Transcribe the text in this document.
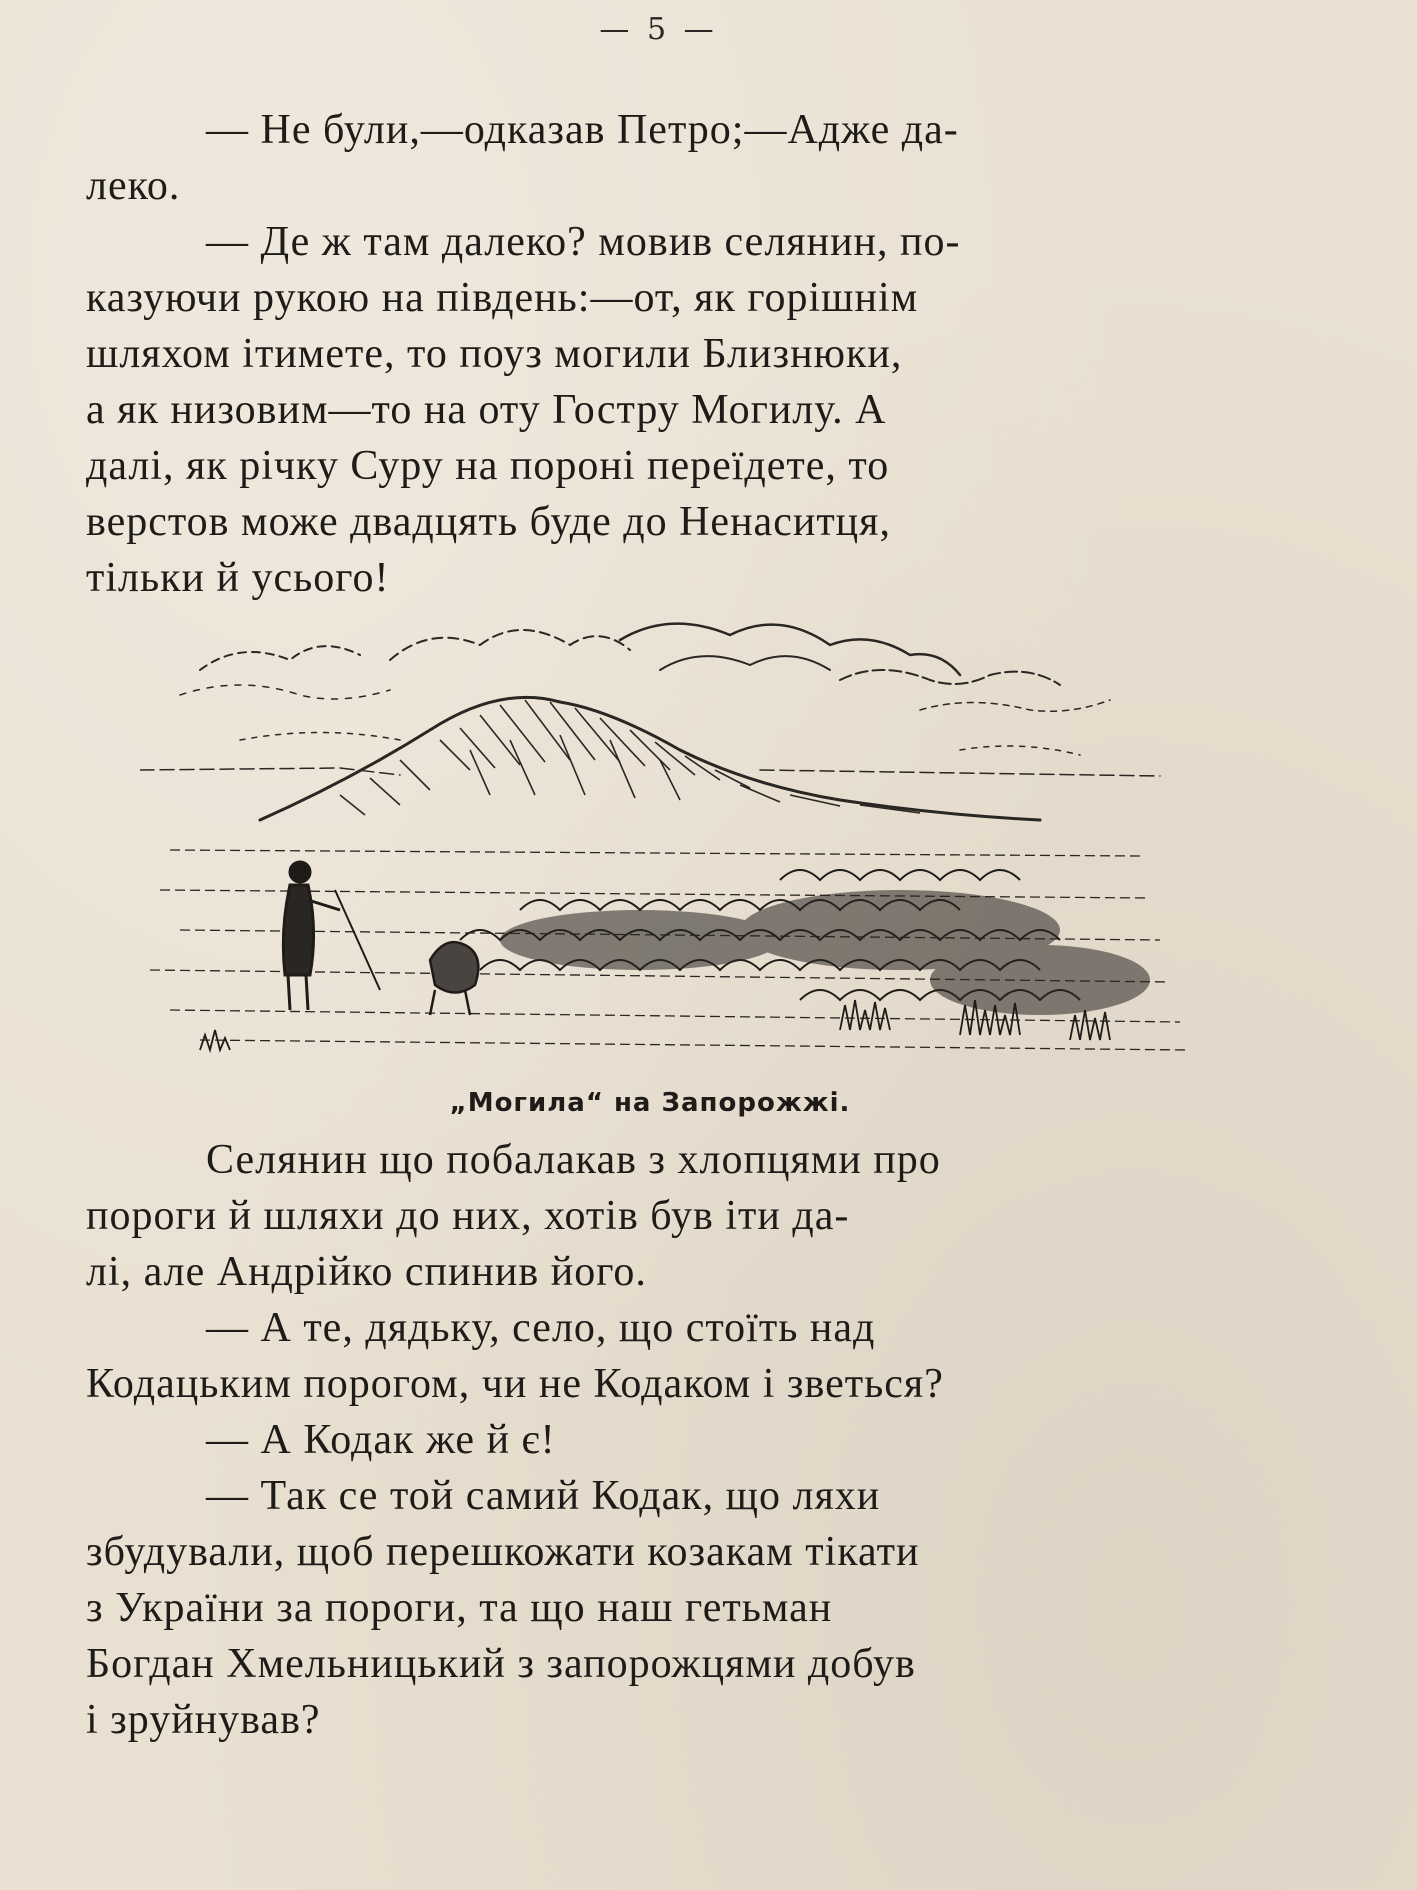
— 5 —
— Не були,—одказав Петро;—Адже да-
леко.
— Де ж там далеко? мовив селянин, по-
казуючи рукою на південь:—от, як горішнім
шляхом ітимете, то поуз могили Близнюки,
а як низовим—то на оту Гостру Могилу. А
далі, як річку Суру на пороні переїдете, то
верстов може двадцять буде до Ненаситця,
тільки й усього!
„Могила“ на Запорожжі.
Селянин що побалакав з хлопцями про
пороги й шляхи до них, хотів був іти да-
лі, але Андрійко спинив його.
— А те, дядьку, село, що стоїть над
Кодацьким порогом, чи не Кодаком і зветься?
— А Кодак же й є!
— Так се той самий Кодак, що ляхи
збудували, щоб перешкожати козакам тікати
з України за пороги, та що наш гетьман
Богдан Хмельницький з запорожцями добув
і зруйнував?
